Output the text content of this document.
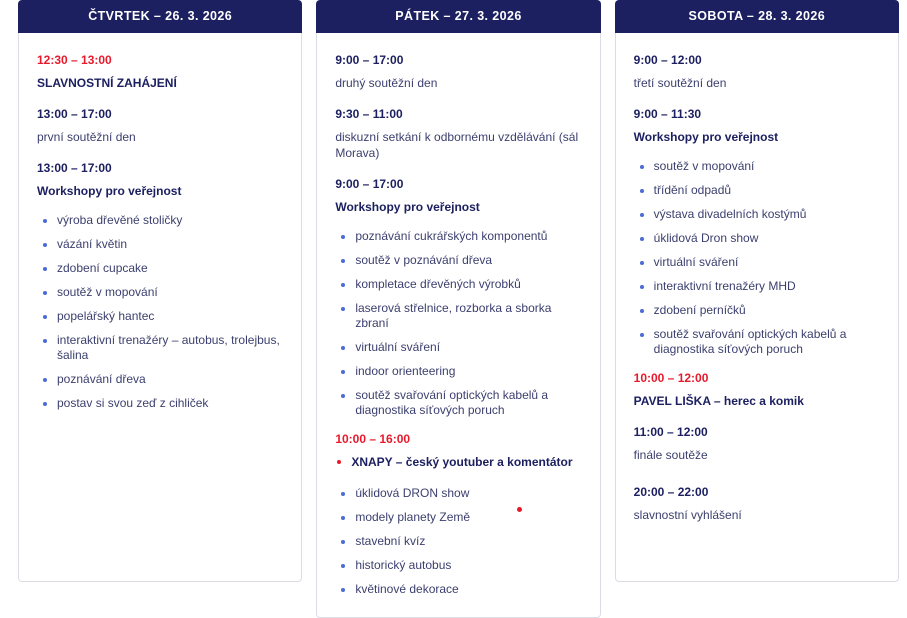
ČTVRTEK – 26. 3. 2026
12:30 – 13:00
SLAVNOSTNÍ ZAHÁJENÍ
13:00 – 17:00
první soutěžní den
13:00 – 17:00
Workshopy pro veřejnost
výroba dřevěné stoličky
vázání květin
zdobení cupcake
soutěž v mopování
popelářský hantec
interaktivní trenažéry – autobus, trolejbus, šalina
poznávání dřeva
postav si svou zeď z cihliček
PÁTEK – 27. 3. 2026
9:00 – 17:00
druhý soutěžní den
9:30 – 11:00
diskuzní setkání k odbornému vzdělávání (sál Morava)
9:00 – 17:00
Workshopy pro veřejnost
poznávání cukrářských komponentů
soutěž v poznávání dřeva
kompletace dřevěných výrobků
laserová střelnice, rozborka a sborka zbraní
virtuální sváření
indoor orienteering
soutěž svařování optických kabelů a diagnostika síťových poruch
10:00 – 16:00
XNAPY – český youtuber a komentátor
úklidová DRON show
modely planety Země
stavební kvíz
historický autobus
květinové dekorace
SOBOTA – 28. 3. 2026
9:00 – 12:00
třetí soutěžní den
9:00 – 11:30
Workshopy pro veřejnost
soutěž v mopování
třídění odpadů
výstava divadelních kostýmů
úklidová Dron show
virtuální sváření
interaktivní trenažéry MHD
zdobení perníčků
soutěž svařování optických kabelů a diagnostika síťových poruch
10:00 – 12:00
PAVEL LIŠKA – herec a komik
11:00 – 12:00
finále soutěže
20:00 – 22:00
slavnostní vyhlášení
